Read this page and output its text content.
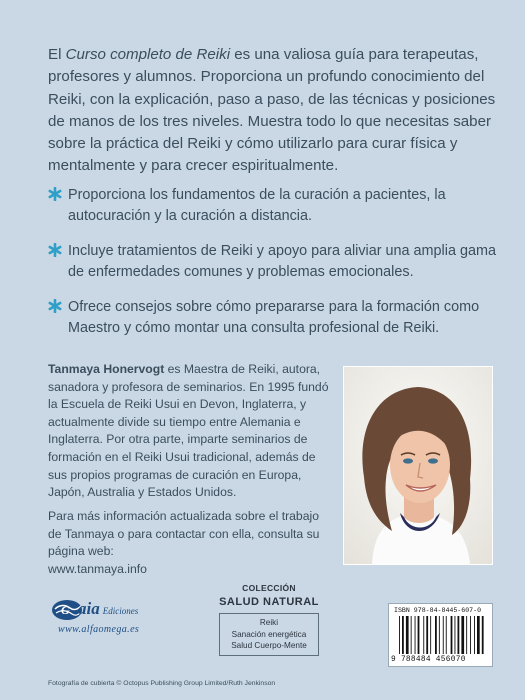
El Curso completo de Reiki es una valiosa guía para terapeutas, profesores y alumnos. Proporciona un profundo conocimiento del Reiki, con la explicación, paso a paso, de las técnicas y posiciones de manos de los tres niveles. Muestra todo lo que necesitas saber sobre la práctica del Reiki y cómo utilizarlo para curar física y mentalmente y para crecer espiritualmente.

Proporciona los fundamentos de la curación a pacientes, la autocuración y la curación a distancia.
Incluye tratamientos de Reiki y apoyo para aliviar una amplia gama de enfermedades comunes y problemas emocionales.
Ofrece consejos sobre cómo prepararse para la formación como Maestro y cómo montar una consulta profesional de Reiki.
Tanmaya Honervogt es Maestra de Reiki, autora, sanadora y profesora de seminarios. En 1995 fundó la Escuela de Reiki Usui en Devon, Inglaterra, y actualmente divide su tiempo entre Alemania e Inglaterra. Por otra parte, imparte seminarios de formación en el Reiki Usui tradicional, además de sus propios programas de curación en Europa, Japón, Australia y Estados Unidos.
Para más información actualizada sobre el trabajo de Tanmaya o para contactar con ella, consulta su página web:
www.tanmaya.info
COLECCIÓN
SALUD NATURAL
Reiki
Sanación energética
Salud Cuerpo-Mente
G aia Ediciones
www.alfaomega.es
ISBN 978-84-8445-607-0
9 788484 456070
Fotografía de cubierta © Octopus Publishing Group Limited/Ruth Jenkinson
